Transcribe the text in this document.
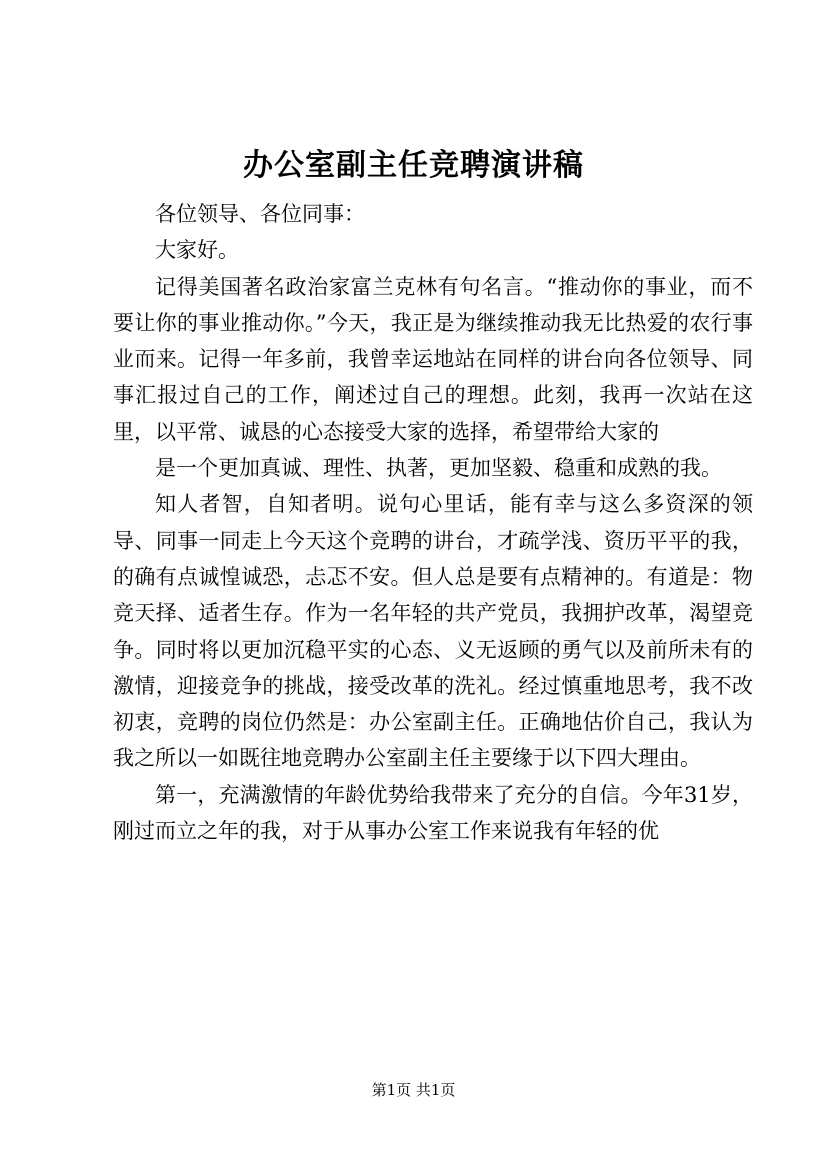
办公室副主任竞聘演讲稿

各位领导、各位同事：

大家好。

记得美国著名政治家富兰克林有句名言。“推动你的事业，而不要让你的事业推动你。”今天，我正是为继续推动我无比热爱的农行事业而来。记得一年多前，我曾幸运地站在同样的讲台向各位领导、同事汇报过自己的工作，阐述过自己的理想。此刻，我再一次站在这里，以平常、诚恳的心态接受大家的选择，希望带给大家的

是一个更加真诚、理性、执著，更加坚毅、稳重和成熟的我。

知人者智，自知者明。说句心里话，能有幸与这么多资深的领导、同事一同走上今天这个竞聘的讲台，才疏学浅、资历平平的我，的确有点诚惶诚恐，忐忑不安。但人总是要有点精神的。有道是：物竞天择、适者生存。作为一名年轻的共产党员，我拥护改革，渴望竞争。同时将以更加沉稳平实的心态、义无返顾的勇气以及前所未有的激情，迎接竞争的挑战，接受改革的洗礼。经过慎重地思考，我不改初衷，竞聘的岗位仍然是：办公室副主任。正确地估价自己，我认为我之所以一如既往地竞聘办公室副主任主要缘于以下四大理由。

第一，充满激情的年龄优势给我带来了充分的自信。今年31岁，刚过而立之年的我，对于从事办公室工作来说我有年轻的优

第1页 共1页
